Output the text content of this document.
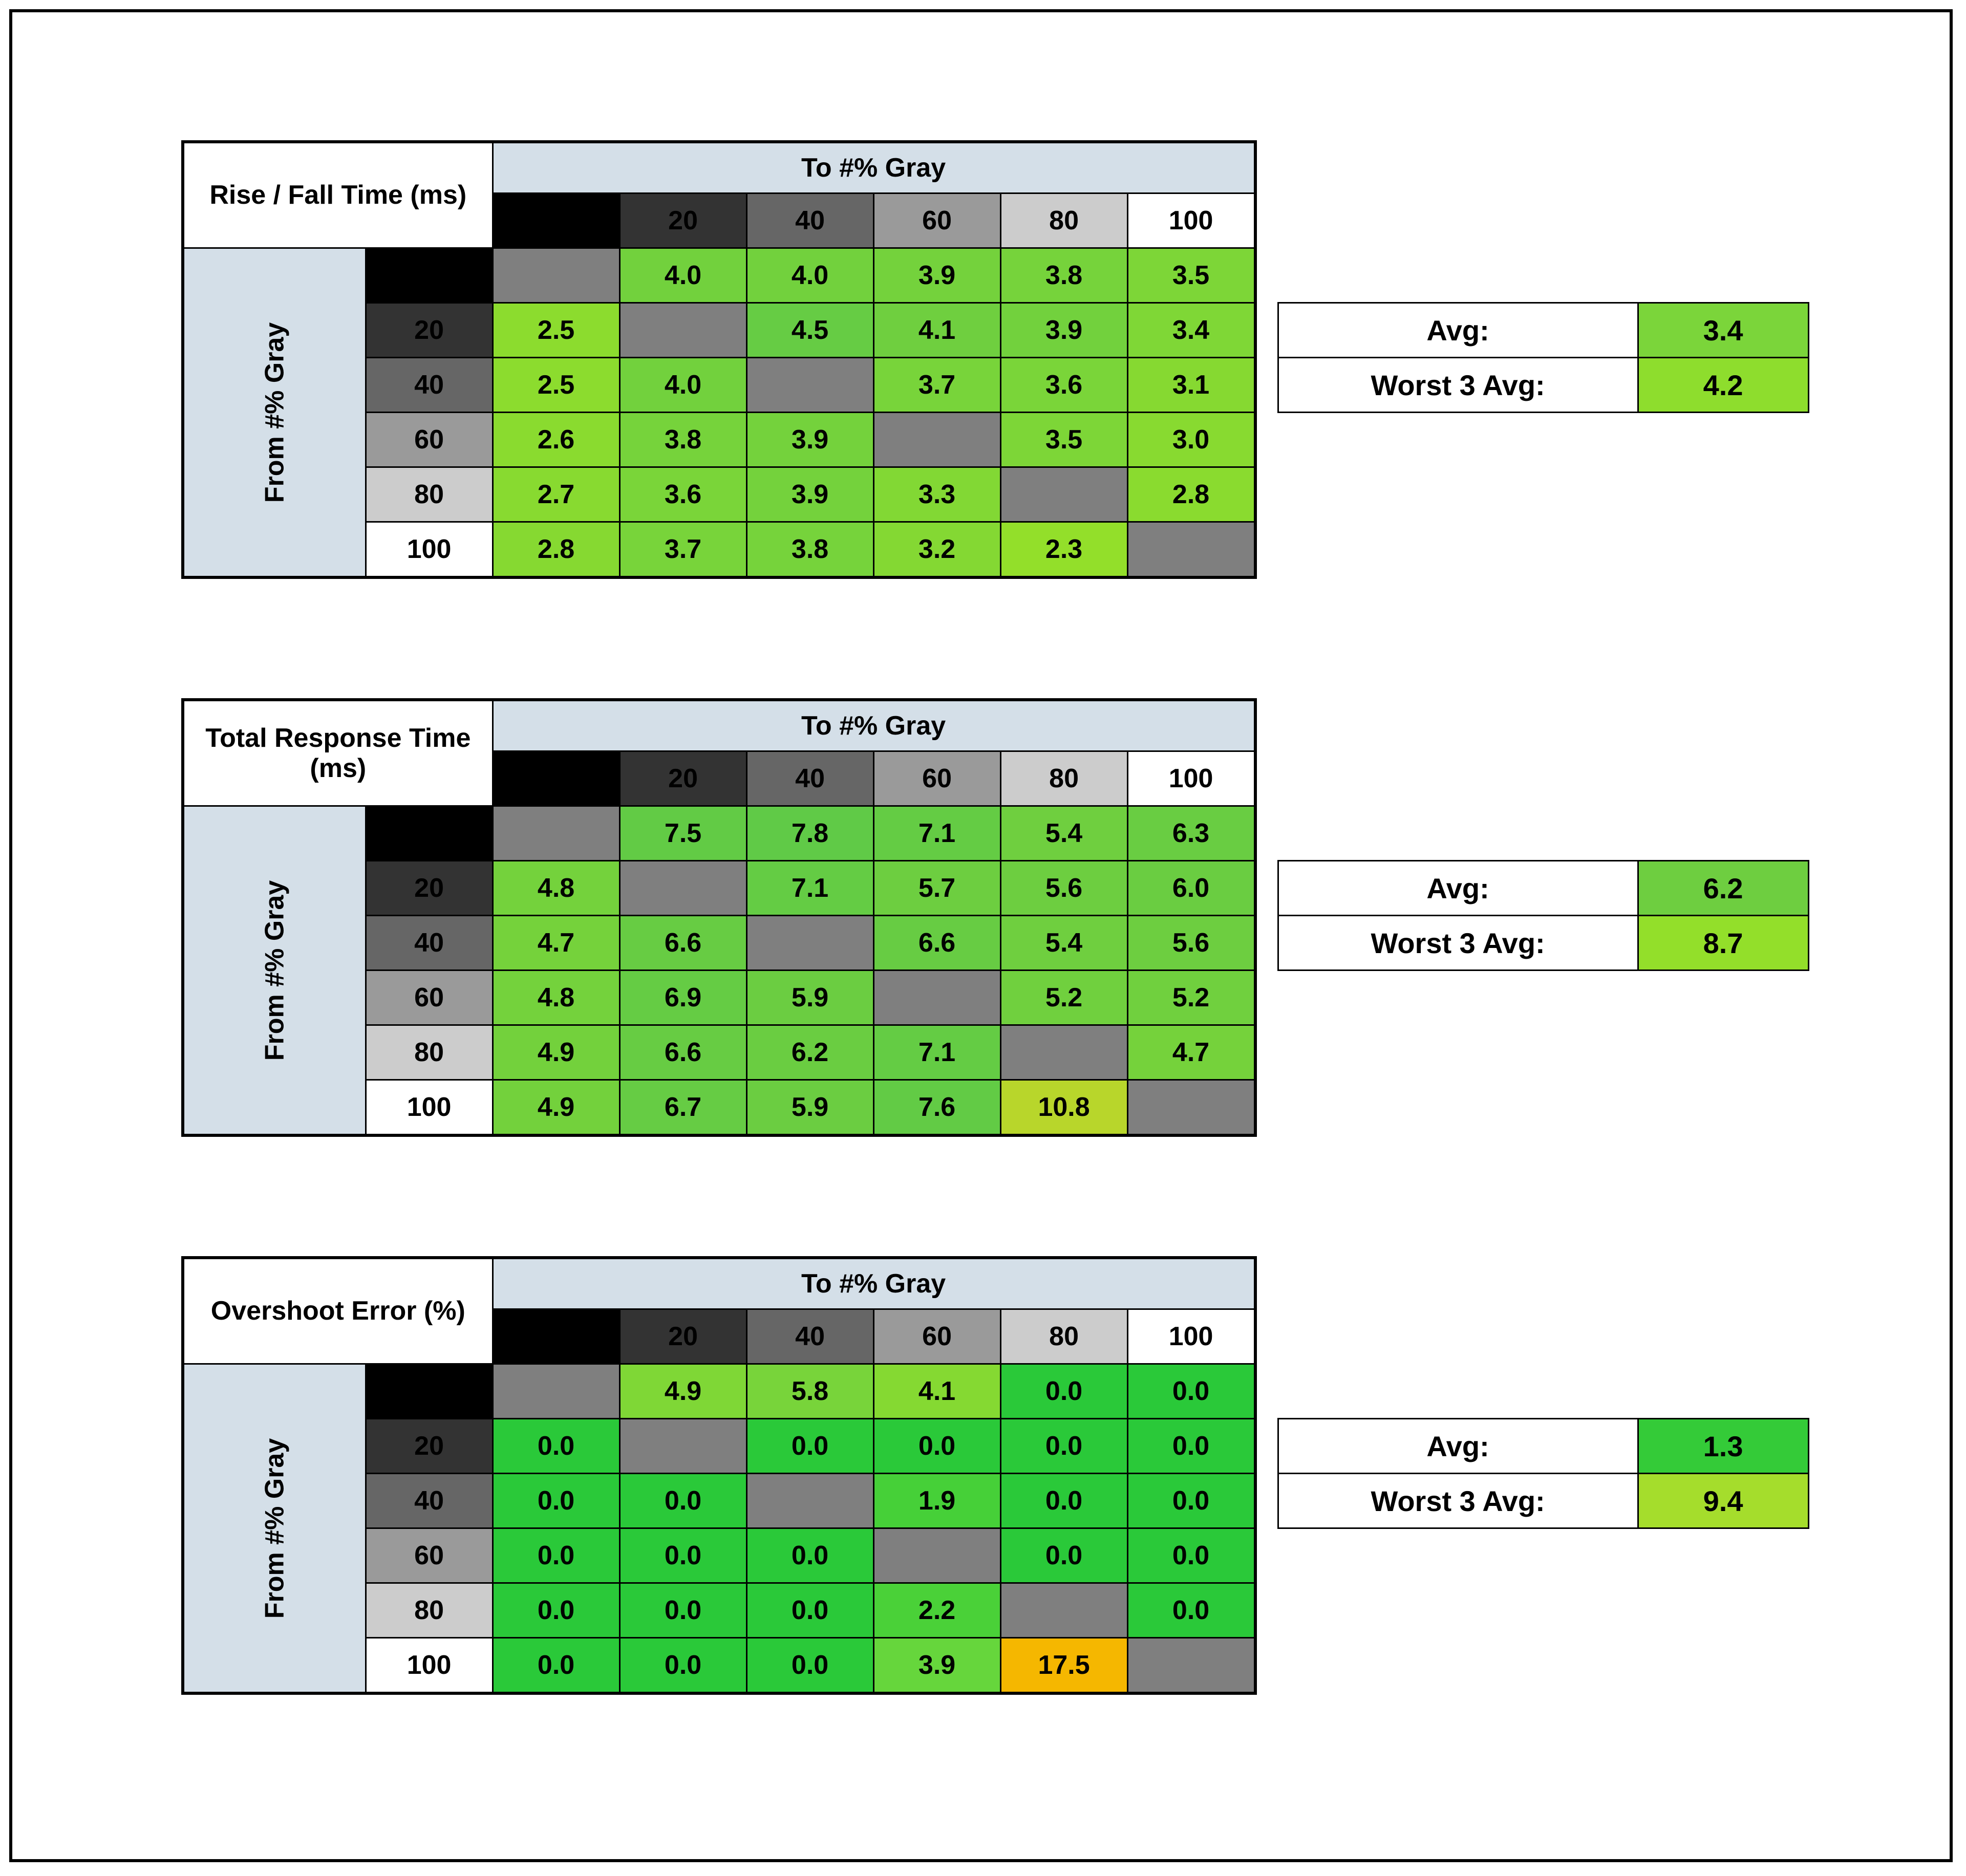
Rise / Fall Time (ms)		To #% Gray					
		0	20	40	60	80	100

From #% Gray	0		4.0	4.0	3.9	3.8	3.5
	20	2.5		4.5	4.1	3.9	3.4
	40	2.5	4.0		3.7	3.6	3.1
	60	2.6	3.8	3.9		3.5	3.0
	80	2.7	3.6	3.9	3.3		2.8
	100	2.8	3.7	3.8	3.2	2.3	
Avg:	3.4
Worst 3 Avg:	4.2
Total Response Time (ms)		To #% Gray					
		0	20	40	60	80	100

From #% Gray	0		7.5	7.8	7.1	5.4	6.3
	20	4.8		7.1	5.7	5.6	6.0
	40	4.7	6.6		6.6	5.4	5.6
	60	4.8	6.9	5.9		5.2	5.2
	80	4.9	6.6	6.2	7.1		4.7
	100	4.9	6.7	5.9	7.6	10.8	
Avg:	6.2
Worst 3 Avg:	8.7
Overshoot Error (%)		To #% Gray					
		0	20	40	60	80	100

From #% Gray	0		4.9	5.8	4.1	0.0	0.0
	20	0.0		0.0	0.0	0.0	0.0
	40	0.0	0.0		1.9	0.0	0.0
	60	0.0	0.0	0.0		0.0	0.0
	80	0.0	0.0	0.0	2.2		0.0
	100	0.0	0.0	0.0	3.9	17.5	
Avg:	1.3
Worst 3 Avg:	9.4
